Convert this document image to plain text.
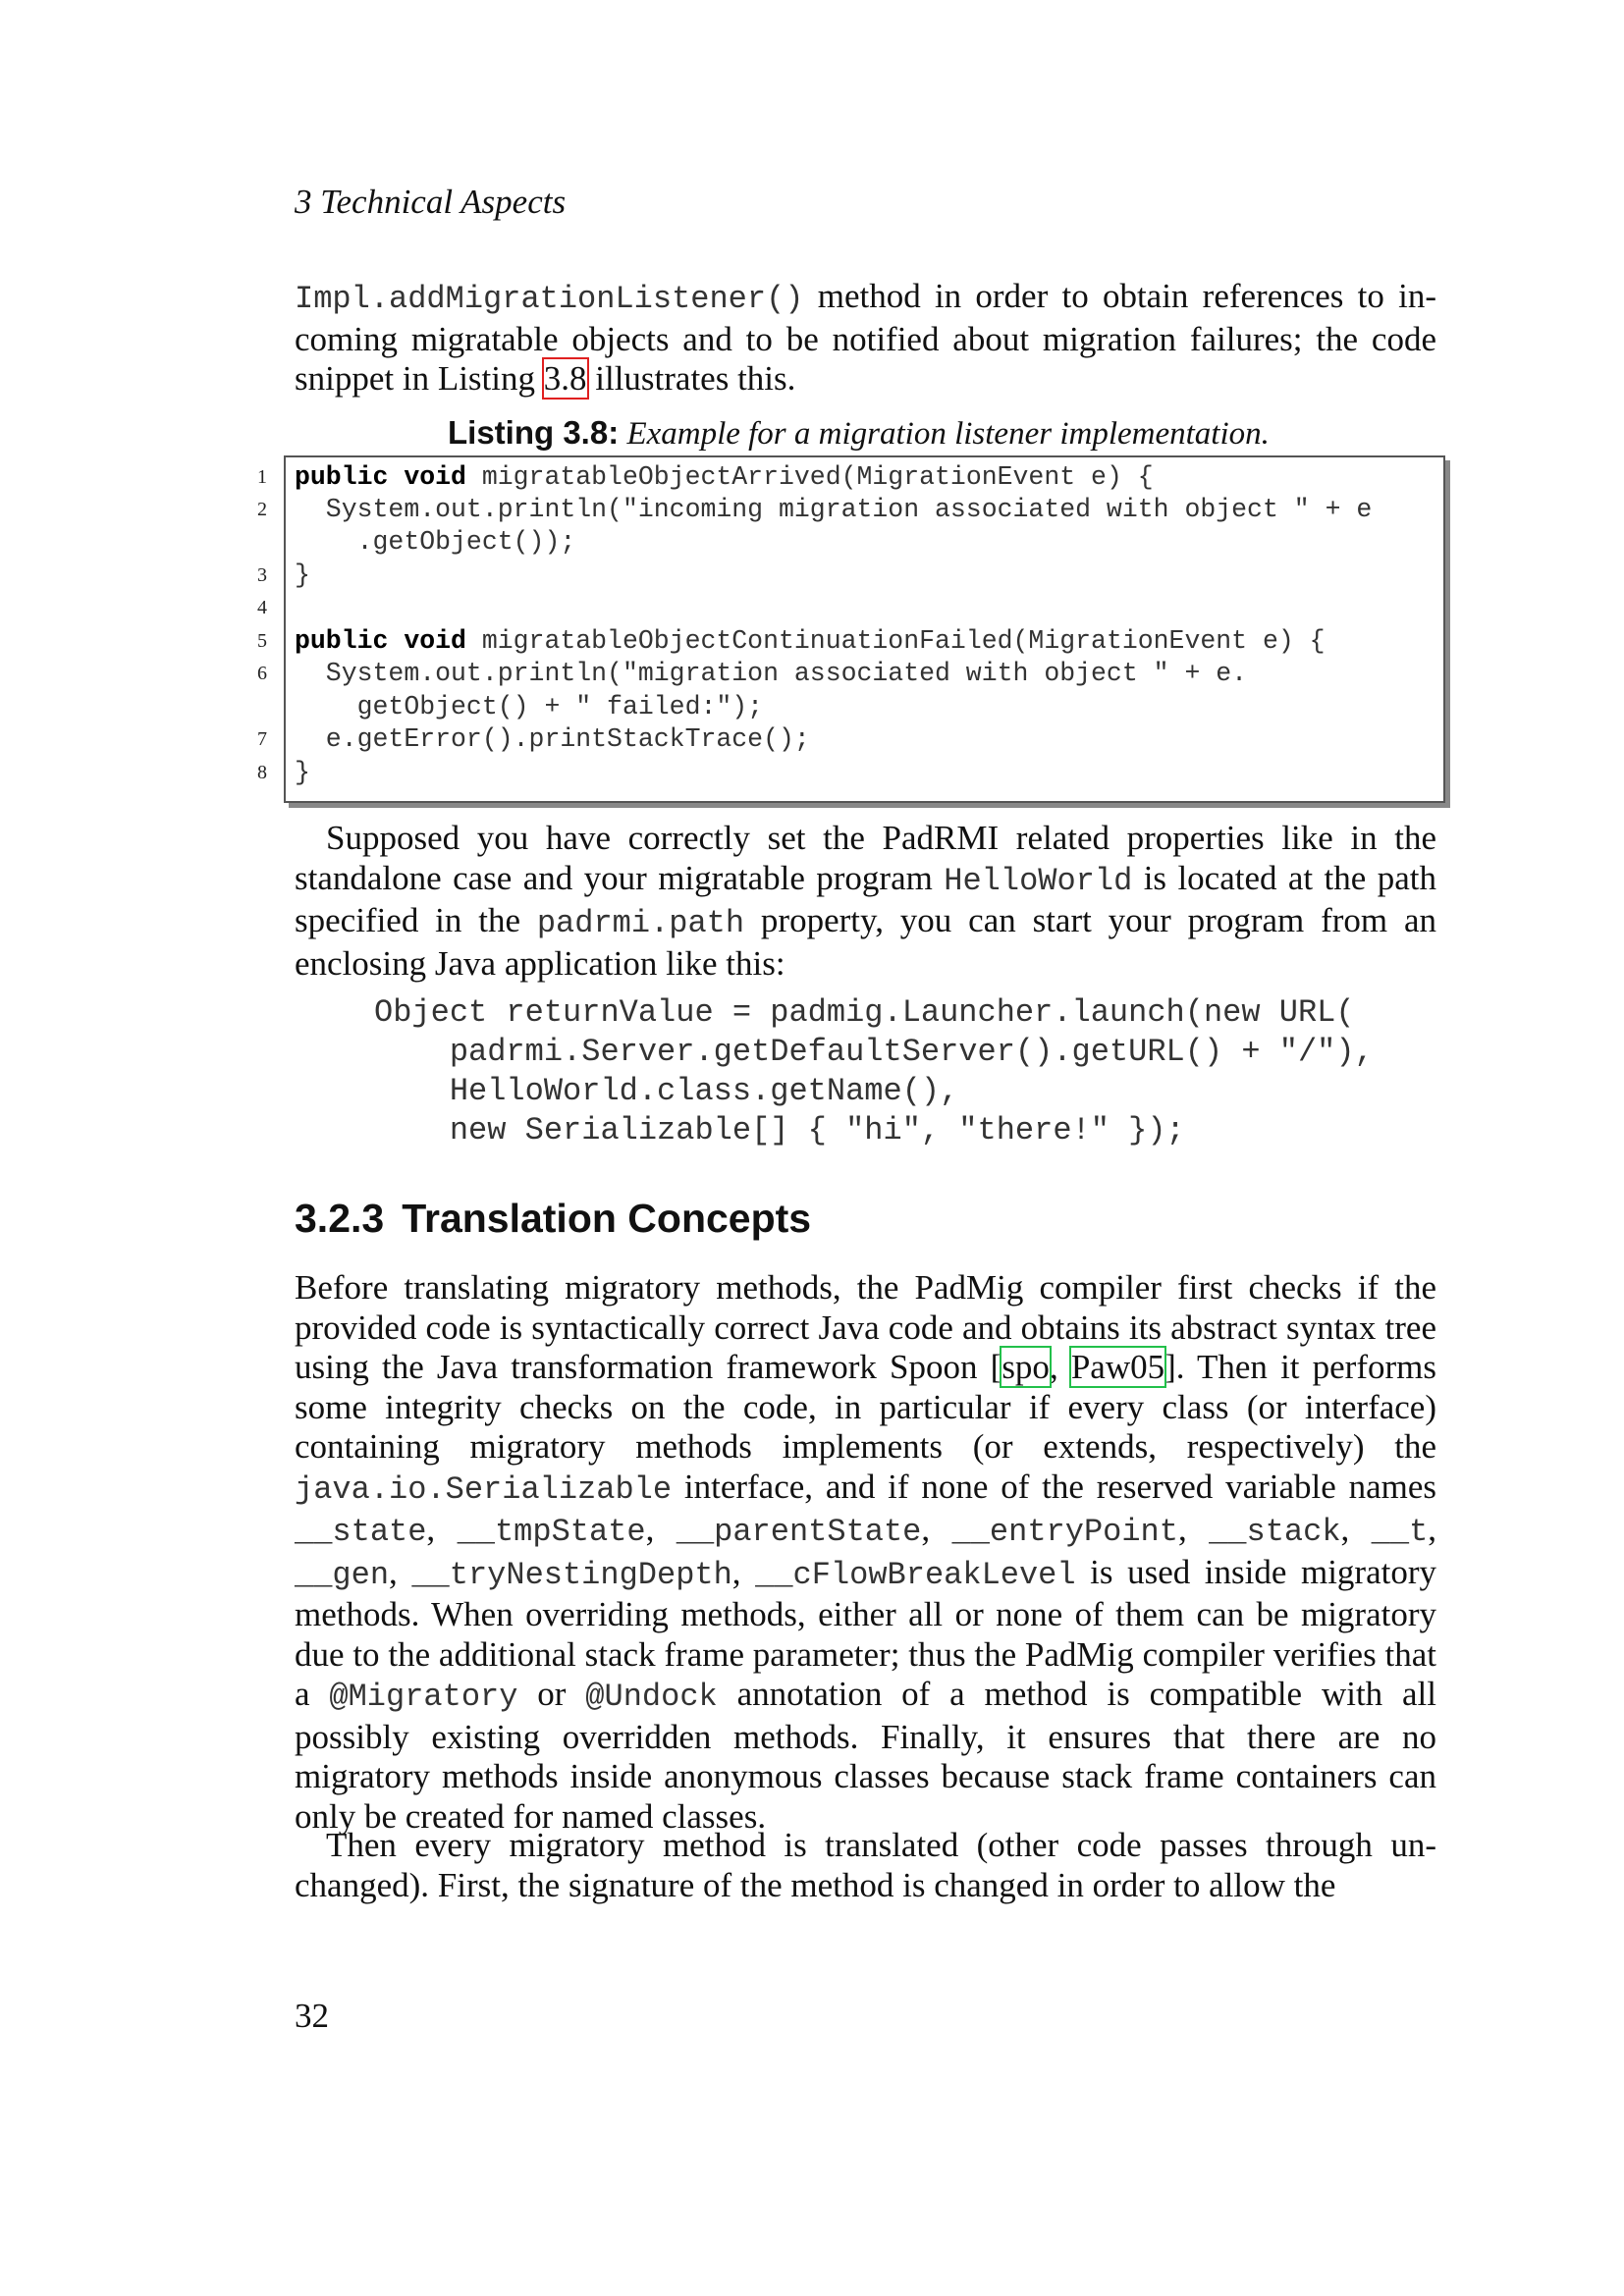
3 Technical Aspects

Impl.addMigrationListener() method in order to obtain references to incoming migratable objects and to be notified about migration failures; the code snippet in Listing 3.8 illustrates this.

Listing 3.8: Example for a migration listener implementation.
1 public void migratableObjectArrived(MigrationEvent e) {
2 System.out.println("incoming migration associated with object " + e
.getObject());
3 }
4
5 public void migratableObjectContinuationFailed(MigrationEvent e) {
6 System.out.println("migration associated with object " + e.
getObject() + " failed:");
7 e.getError().printStackTrace();
8 }

Supposed you have correctly set the PadRMI related properties like in the standalone case and your migratable program HelloWorld is located at the path specified in the padrmi.path property, you can start your program from an enclosing Java application like this:

Object returnValue = padmig.Launcher.launch(new URL(
padrmi.Server.getDefaultServer().getURL() + "/"),
HelloWorld.class.getName(),
new Serializable[] { "hi", "there!" });
3.2.3 Translation Concepts

Before translating migratory methods, the PadMig compiler first checks if the provided code is syntactically correct Java code and obtains its abstract syntax tree using the Java transformation framework Spoon [spo, Paw05]. Then it performs some integrity checks on the code, in particular if every class (or interface) containing migratory methods implements (or extends, respectively) the java.io.Serializable interface, and if none of the reserved variable names __state, __tmpState, __parentState, __entryPoint, __stack, __t, __gen, __tryNestingDepth, __cFlowBreakLevel is used inside migratory methods. When overriding methods, either all or none of them can be migratory due to the additional stack frame parameter; thus the PadMig compiler verifies that a @Migratory or @Undock annotation of a method is compatible with all possibly existing overridden methods. Finally, it ensures that there are no migratory methods inside anonymous classes because stack frame containers can only be created for named classes.

Then every migratory method is translated (other code passes through unchanged). First, the signature of the method is changed in order to allow the

32
